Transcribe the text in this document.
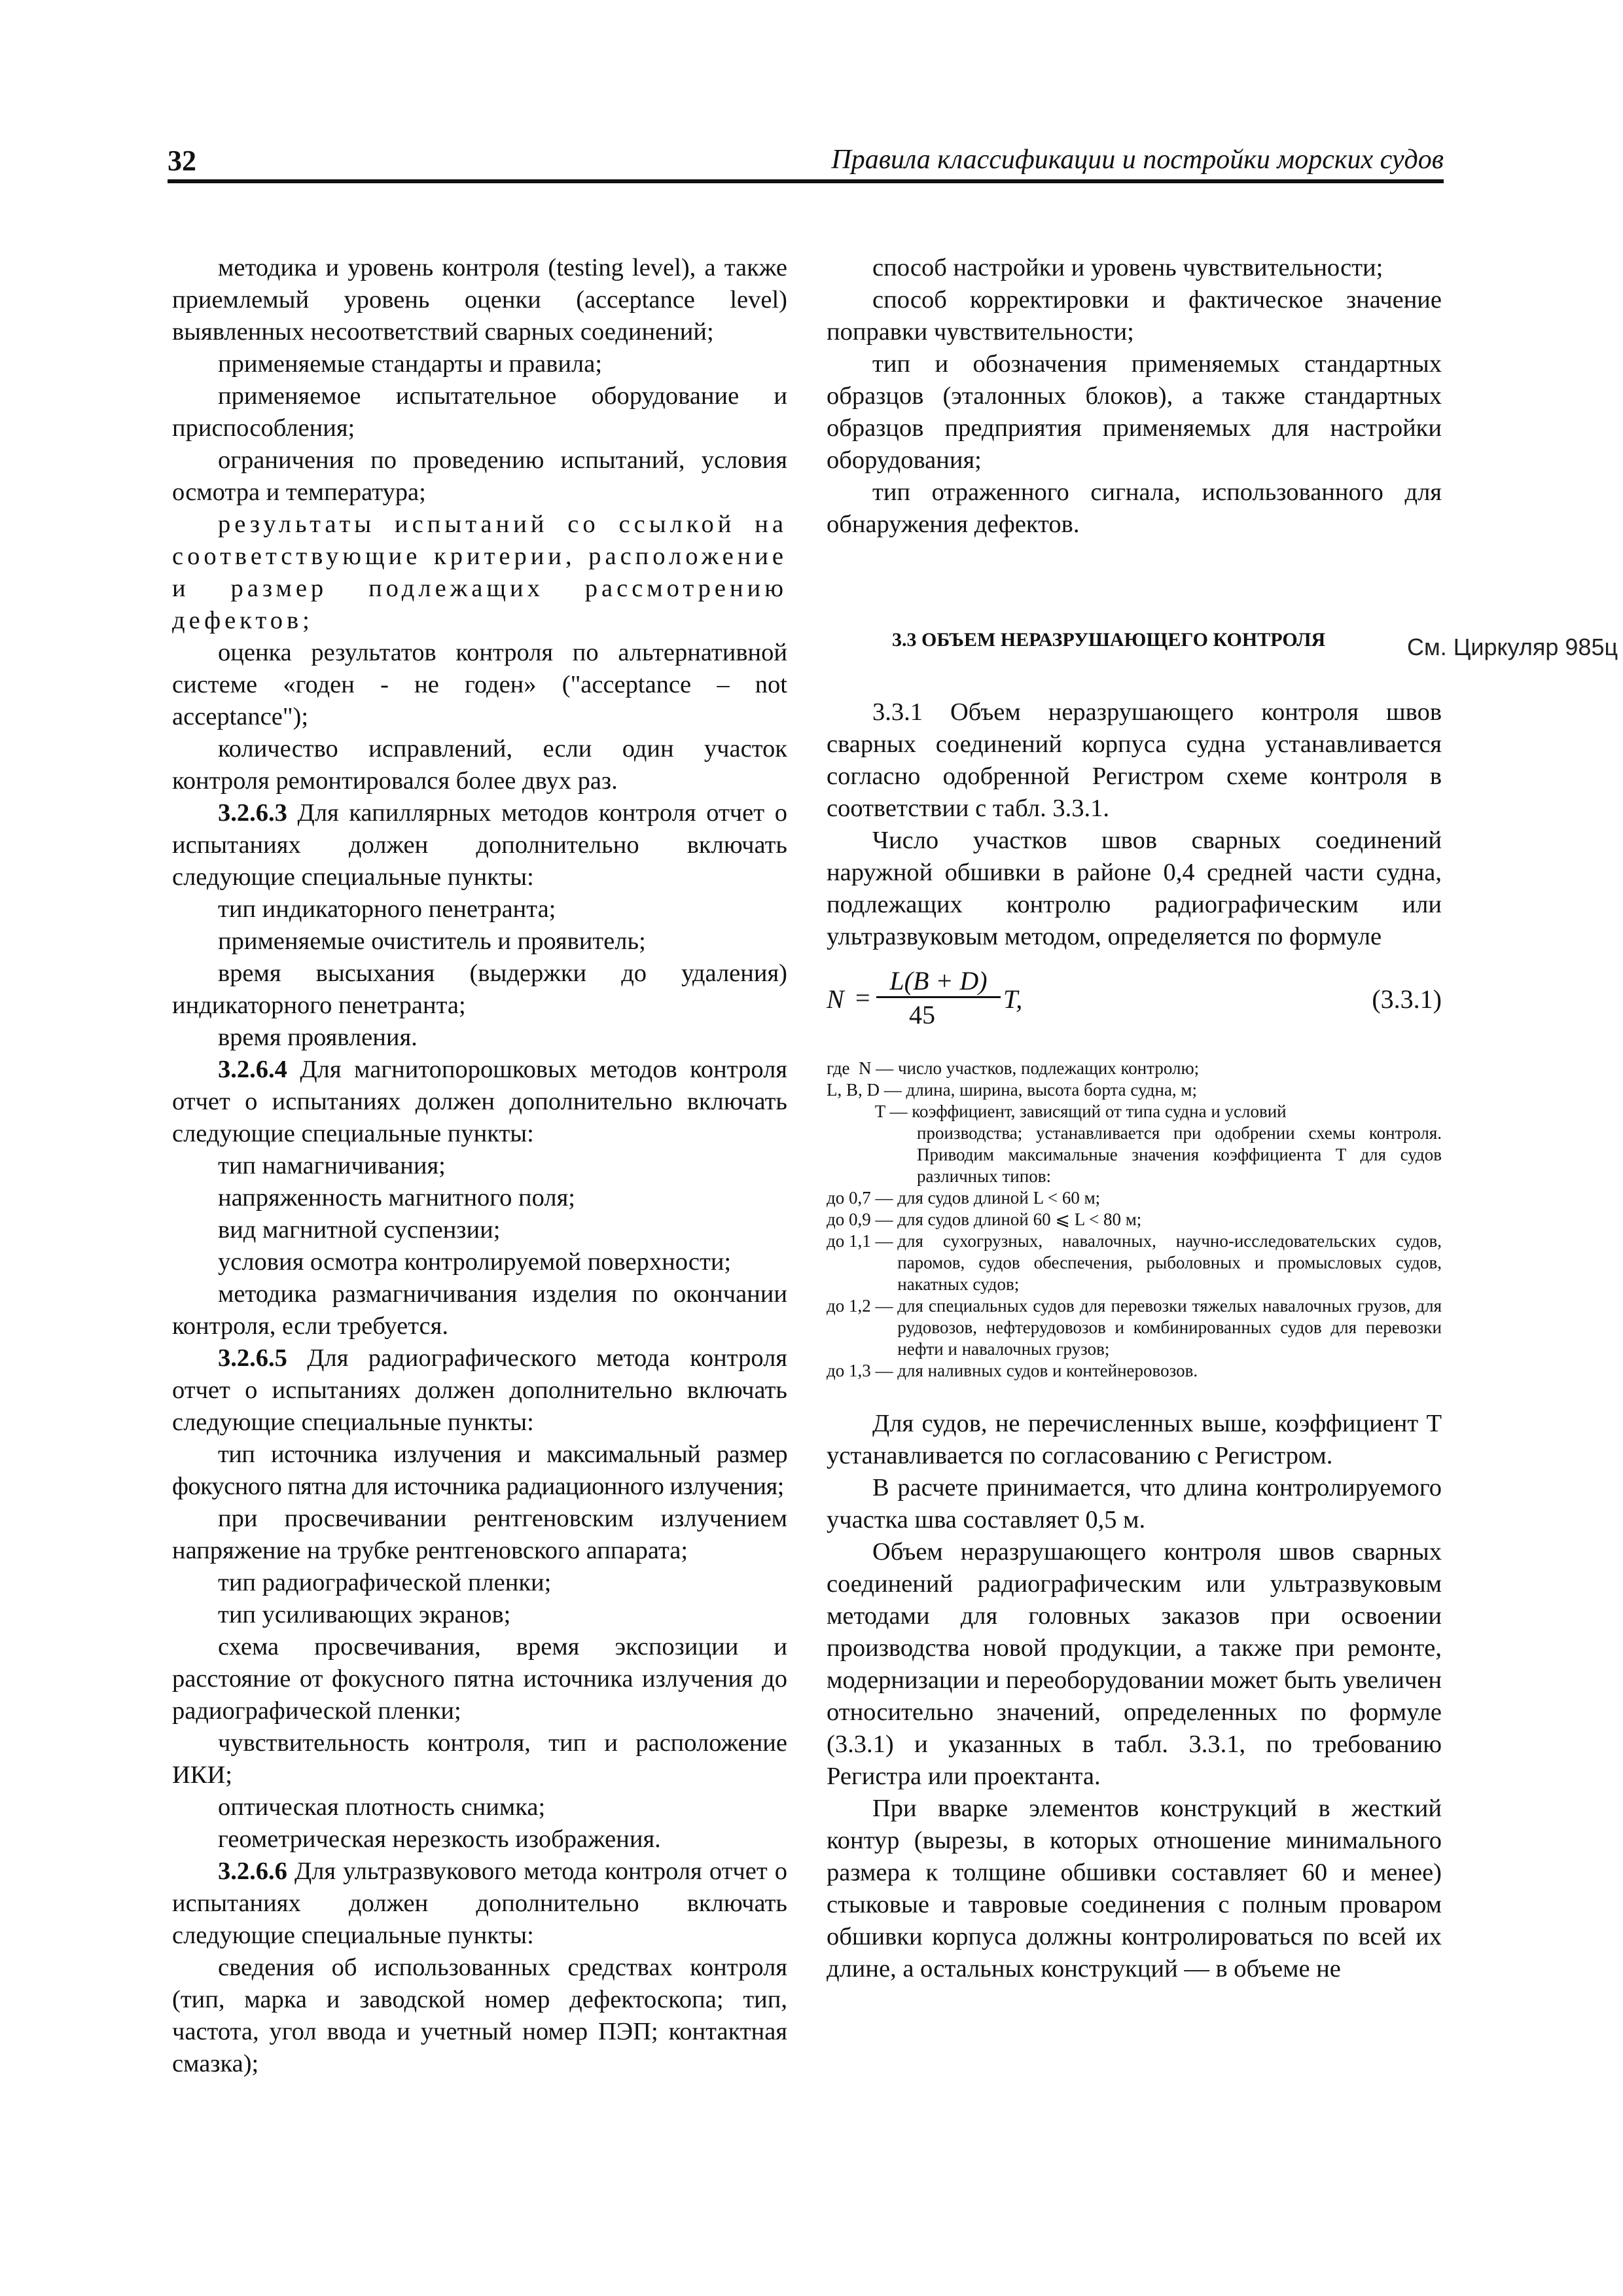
32	Правила классификации и постройки морских судов

методика и уровень контроля (testing level), а также приемлемый уровень оценки (acceptance level) выявленных несоответствий сварных соединений;

применяемые стандарты и правила;

применяемое испытательное оборудование и приспособления;

ограничения по проведению испытаний, условия осмотра и температура;

результаты испытаний со ссылкой на соответствующие критерии, расположение и размер подлежащих рассмотрению дефектов;

оценка результатов контроля по альтернативной системе «годен - не годен» ("acceptance – not acceptance");

количество исправлений, если один участок контроля ремонтировался более двух раз.

3.2.6.3 Для капиллярных методов контроля отчет о испытаниях должен дополнительно включать следующие специальные пункты:

тип индикаторного пенетранта;

применяемые очиститель и проявитель;

время высыхания (выдержки до удаления) индикаторного пенетранта;

время проявления.

3.2.6.4 Для магнитопорошковых методов контроля отчет о испытаниях должен дополнительно включать следующие специальные пункты:

тип намагничивания;

напряженность магнитного поля;

вид магнитной суспензии;

условия осмотра контролируемой поверхности;

методика размагничивания изделия по окончании контроля, если требуется.

3.2.6.5 Для радиографического метода контроля отчет о испытаниях должен дополнительно включать следующие специальные пункты:

тип источника излучения и максимальный размер фокусного пятна для источника радиационного излучения;

при просвечивании рентгеновским излучением напряжение на трубке рентгеновского аппарата;

тип радиографической пленки;

тип усиливающих экранов;

схема просвечивания, время экспозиции и расстояние от фокусного пятна источника излучения до радиографической пленки;

чувствительность контроля, тип и расположение ИКИ;

оптическая плотность снимка;

геометрическая нерезкость изображения.

3.2.6.6 Для ультразвукового метода контроля отчет о испытаниях должен дополнительно включать следующие специальные пункты:

сведения об использованных средствах контроля (тип, марка и заводской номер дефектоскопа; тип, частота, угол ввода и учетный номер ПЭП; контактная смазка);

способ настройки и уровень чувствительности;

способ корректировки и фактическое значение поправки чувствительности;

тип и обозначения применяемых стандартных образцов (эталонных блоков), а также стандартных образцов предприятия применяемых для настройки оборудования;

тип отраженного сигнала, использованного для обнаружения дефектов.

3.3 ОБЪЕМ НЕРАЗРУШАЮЩЕГО КОНТРОЛЯ

3.3.1 Объем неразрушающего контроля швов сварных соединений корпуса судна устанавливается согласно одобренной Регистром схеме контроля в соответствии с табл. 3.3.1.

Число участков швов сварных соединений наружной обшивки в районе 0,4 средней части судна, подлежащих контролю радиографическим или ультразвуковым методом, определяется по формуле

N =
L(B + D)
45
T,	(3.3.1)
где  N — число участков, подлежащих контролю;
L, B, D — длина, ширина, высота борта судна, м;
T — коэффициент, зависящий от типа судна и условий
производства; устанавливается при одобрении схемы контроля. Приводим максимальные значения коэффициента T для судов различных типов:
до 0,7 — для судов длиной L < 60 м;
до 0,9 — для судов длиной 60 ⩽ L < 80 м;
до 1,1 — для сухогрузных, навалочных, научно-исследовательских судов, паромов, судов обеспечения, рыболовных и промысловых судов, накатных судов;
до 1,2 — для специальных судов для перевозки тяжелых навалочных грузов, для рудовозов, нефтерудовозов и комбинированных судов для перевозки нефти и навалочных грузов;
до 1,3 — для наливных судов и контейнеровозов.

Для судов, не перечисленных выше, коэффициент T устанавливается по согласованию с Регистром.

В расчете принимается, что длина контролируемого участка шва составляет 0,5 м.

Объем неразрушающего контроля швов сварных соединений радиографическим или ультразвуковым методами для головных заказов при освоении производства новой продукции, а также при ремонте, модернизации и переоборудовании может быть увеличен относительно значений, определенных по формуле (3.3.1) и указанных в табл. 3.3.1, по требованию Регистра или проектанта.

При вварке элементов конструкций в жесткий контур (вырезы, в которых отношение минимального размера к толщине обшивки составляет 60 и менее) стыковые и тавровые соединения с полным проваром обшивки корпуса должны контролироваться по всей их длине, а остальных конструкций — в объеме не

См. Циркуляр 985ц
